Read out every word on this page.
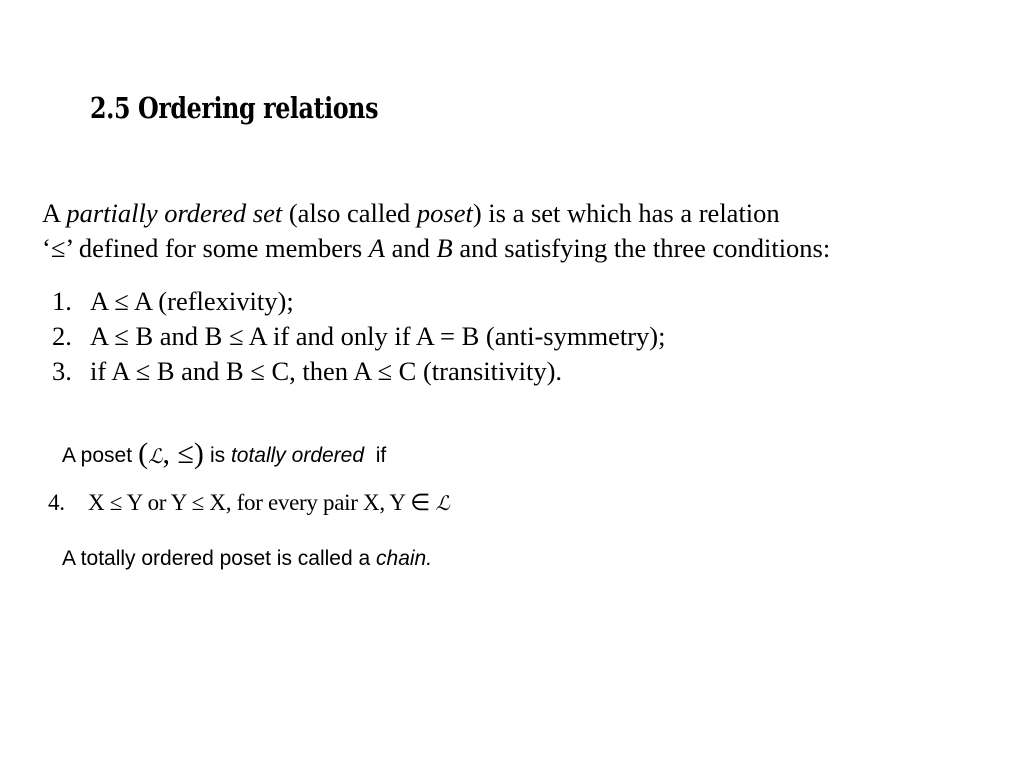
2.5 Ordering relations
A partially ordered set (also called poset) is a set which has a relation
‘≤’ defined for some members A and B and satisfying the three conditions:
1. A ≤ A (reflexivity);
2. A ≤ B and B ≤ A if and only if A = B (anti-symmetry);
3. if A ≤ B and B ≤ C, then A ≤ C (transitivity).
A poset (ℒ, ≤) is totally ordered if
4. X ≤ Y or Y ≤ X, for every pair X, Y ∈ ℒ
A totally ordered poset is called a chain.
